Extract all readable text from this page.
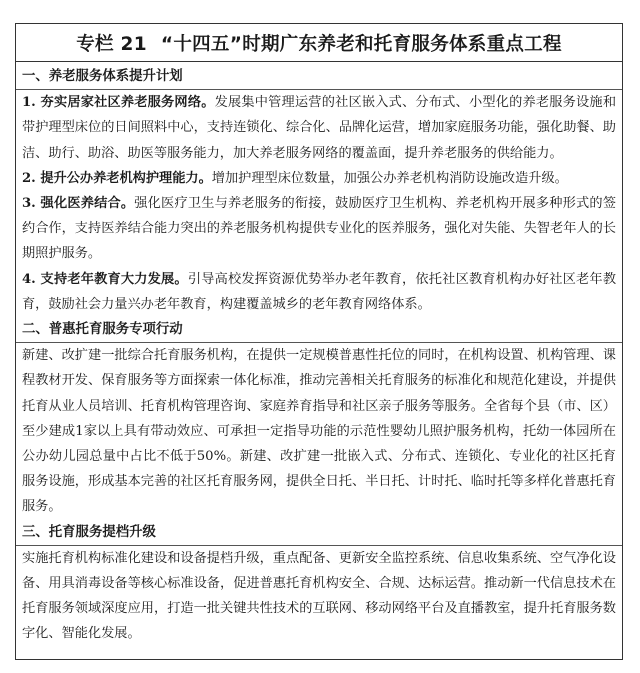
专栏 21 “十四五”时期广东养老和托育服务体系重点工程
一、养老服务体系提升计划
1. 夯实居家社区养老服务网络。发展集中管理运营的社区嵌入式、分布式、小型化的养老服务设施和带护理型床位的日间照料中心，支持连锁化、综合化、品牌化运营，增加家庭服务功能，强化助餐、助洁、助行、助浴、助医等服务能力，加大养老服务网络的覆盖面，提升养老服务的供给能力。
2. 提升公办养老机构护理能力。增加护理型床位数量，加强公办养老机构消防设施改造升级。
3. 强化医养结合。强化医疗卫生与养老服务的衔接，鼓励医疗卫生机构、养老机构开展多种形式的签约合作，支持医养结合能力突出的养老服务机构提供专业化的医养服务，强化对失能、失智老年人的长期照护服务。
4. 支持老年教育大力发展。引导高校发挥资源优势举办老年教育，依托社区教育机构办好社区老年教育，鼓励社会力量兴办老年教育，构建覆盖城乡的老年教育网络体系。
二、普惠托育服务专项行动
新建、改扩建一批综合托育服务机构，在提供一定规模普惠性托位的同时，在机构设置、机构管理、课程教材开发、保育服务等方面探索一体化标准，推动完善相关托育服务的标准化和规范化建设，并提供托育从业人员培训、托育机构管理咨询、家庭养育指导和社区亲子服务等服务。全省每个县（市、区）至少建成1家以上具有带动效应、可承担一定指导功能的示范性婴幼儿照护服务机构，托幼一体园所在公办幼儿园总量中占比不低于50%。新建、改扩建一批嵌入式、分布式、连锁化、专业化的社区托育服务设施，形成基本完善的社区托育服务网，提供全日托、半日托、计时托、临时托等多样化普惠托育服务。
三、托育服务提档升级
实施托育机构标准化建设和设备提档升级，重点配备、更新安全监控系统、信息收集系统、空气净化设备、用具消毒设备等核心标准设备，促进普惠托育机构安全、合规、达标运营。推动新一代信息技术在托育服务领域深度应用，打造一批关键共性技术的互联网、移动网络平台及直播教室，提升托育服务数字化、智能化发展。
